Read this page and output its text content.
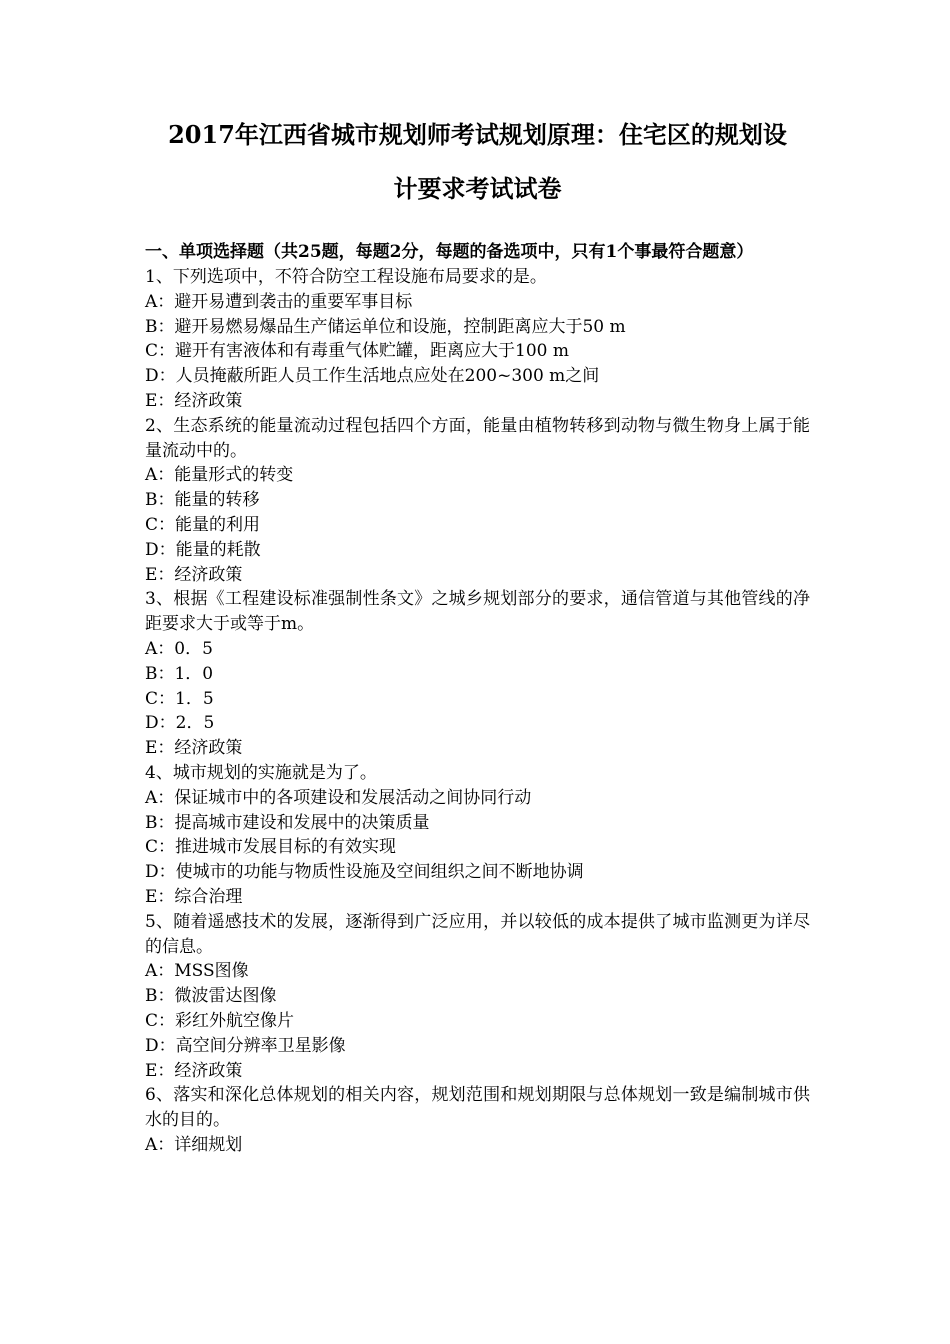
2017年江西省城市规划师考试规划原理：住宅区的规划设
计要求考试试卷
一、单项选择题（共25题，每题2分，每题的备选项中，只有1个事最符合题意）
1、下列选项中，不符合防空工程设施布局要求的是。
A：避开易遭到袭击的重要军事目标
B：避开易燃易爆品生产储运单位和设施，控制距离应大于50 m
C：避开有害液体和有毒重气体贮罐，距离应大于100 m
D：人员掩蔽所距人员工作生活地点应处在200~300 m之间
E：经济政策
2、生态系统的能量流动过程包括四个方面，能量由植物转移到动物与微生物身上属于能量流动中的。
A：能量形式的转变
B：能量的转移
C：能量的利用
D：能量的耗散
E：经济政策
3、根据《工程建设标准强制性条文》之城乡规划部分的要求，通信管道与其他管线的净距要求大于或等于m。
A：0．5
B：1．0
C：1．5
D：2．5
E：经济政策
4、城市规划的实施就是为了。
A：保证城市中的各项建设和发展活动之间协同行动
B：提高城市建设和发展中的决策质量
C：推进城市发展目标的有效实现
D：使城市的功能与物质性设施及空间组织之间不断地协调
E：综合治理
5、随着遥感技术的发展，逐渐得到广泛应用，并以较低的成本提供了城市监测更为详尽的信息。
A：MSS图像
B：微波雷达图像
C：彩红外航空像片
D：高空间分辨率卫星影像
E：经济政策
6、落实和深化总体规划的相关内容，规划范围和规划期限与总体规划一致是编制城市供水的目的。
A：详细规划
